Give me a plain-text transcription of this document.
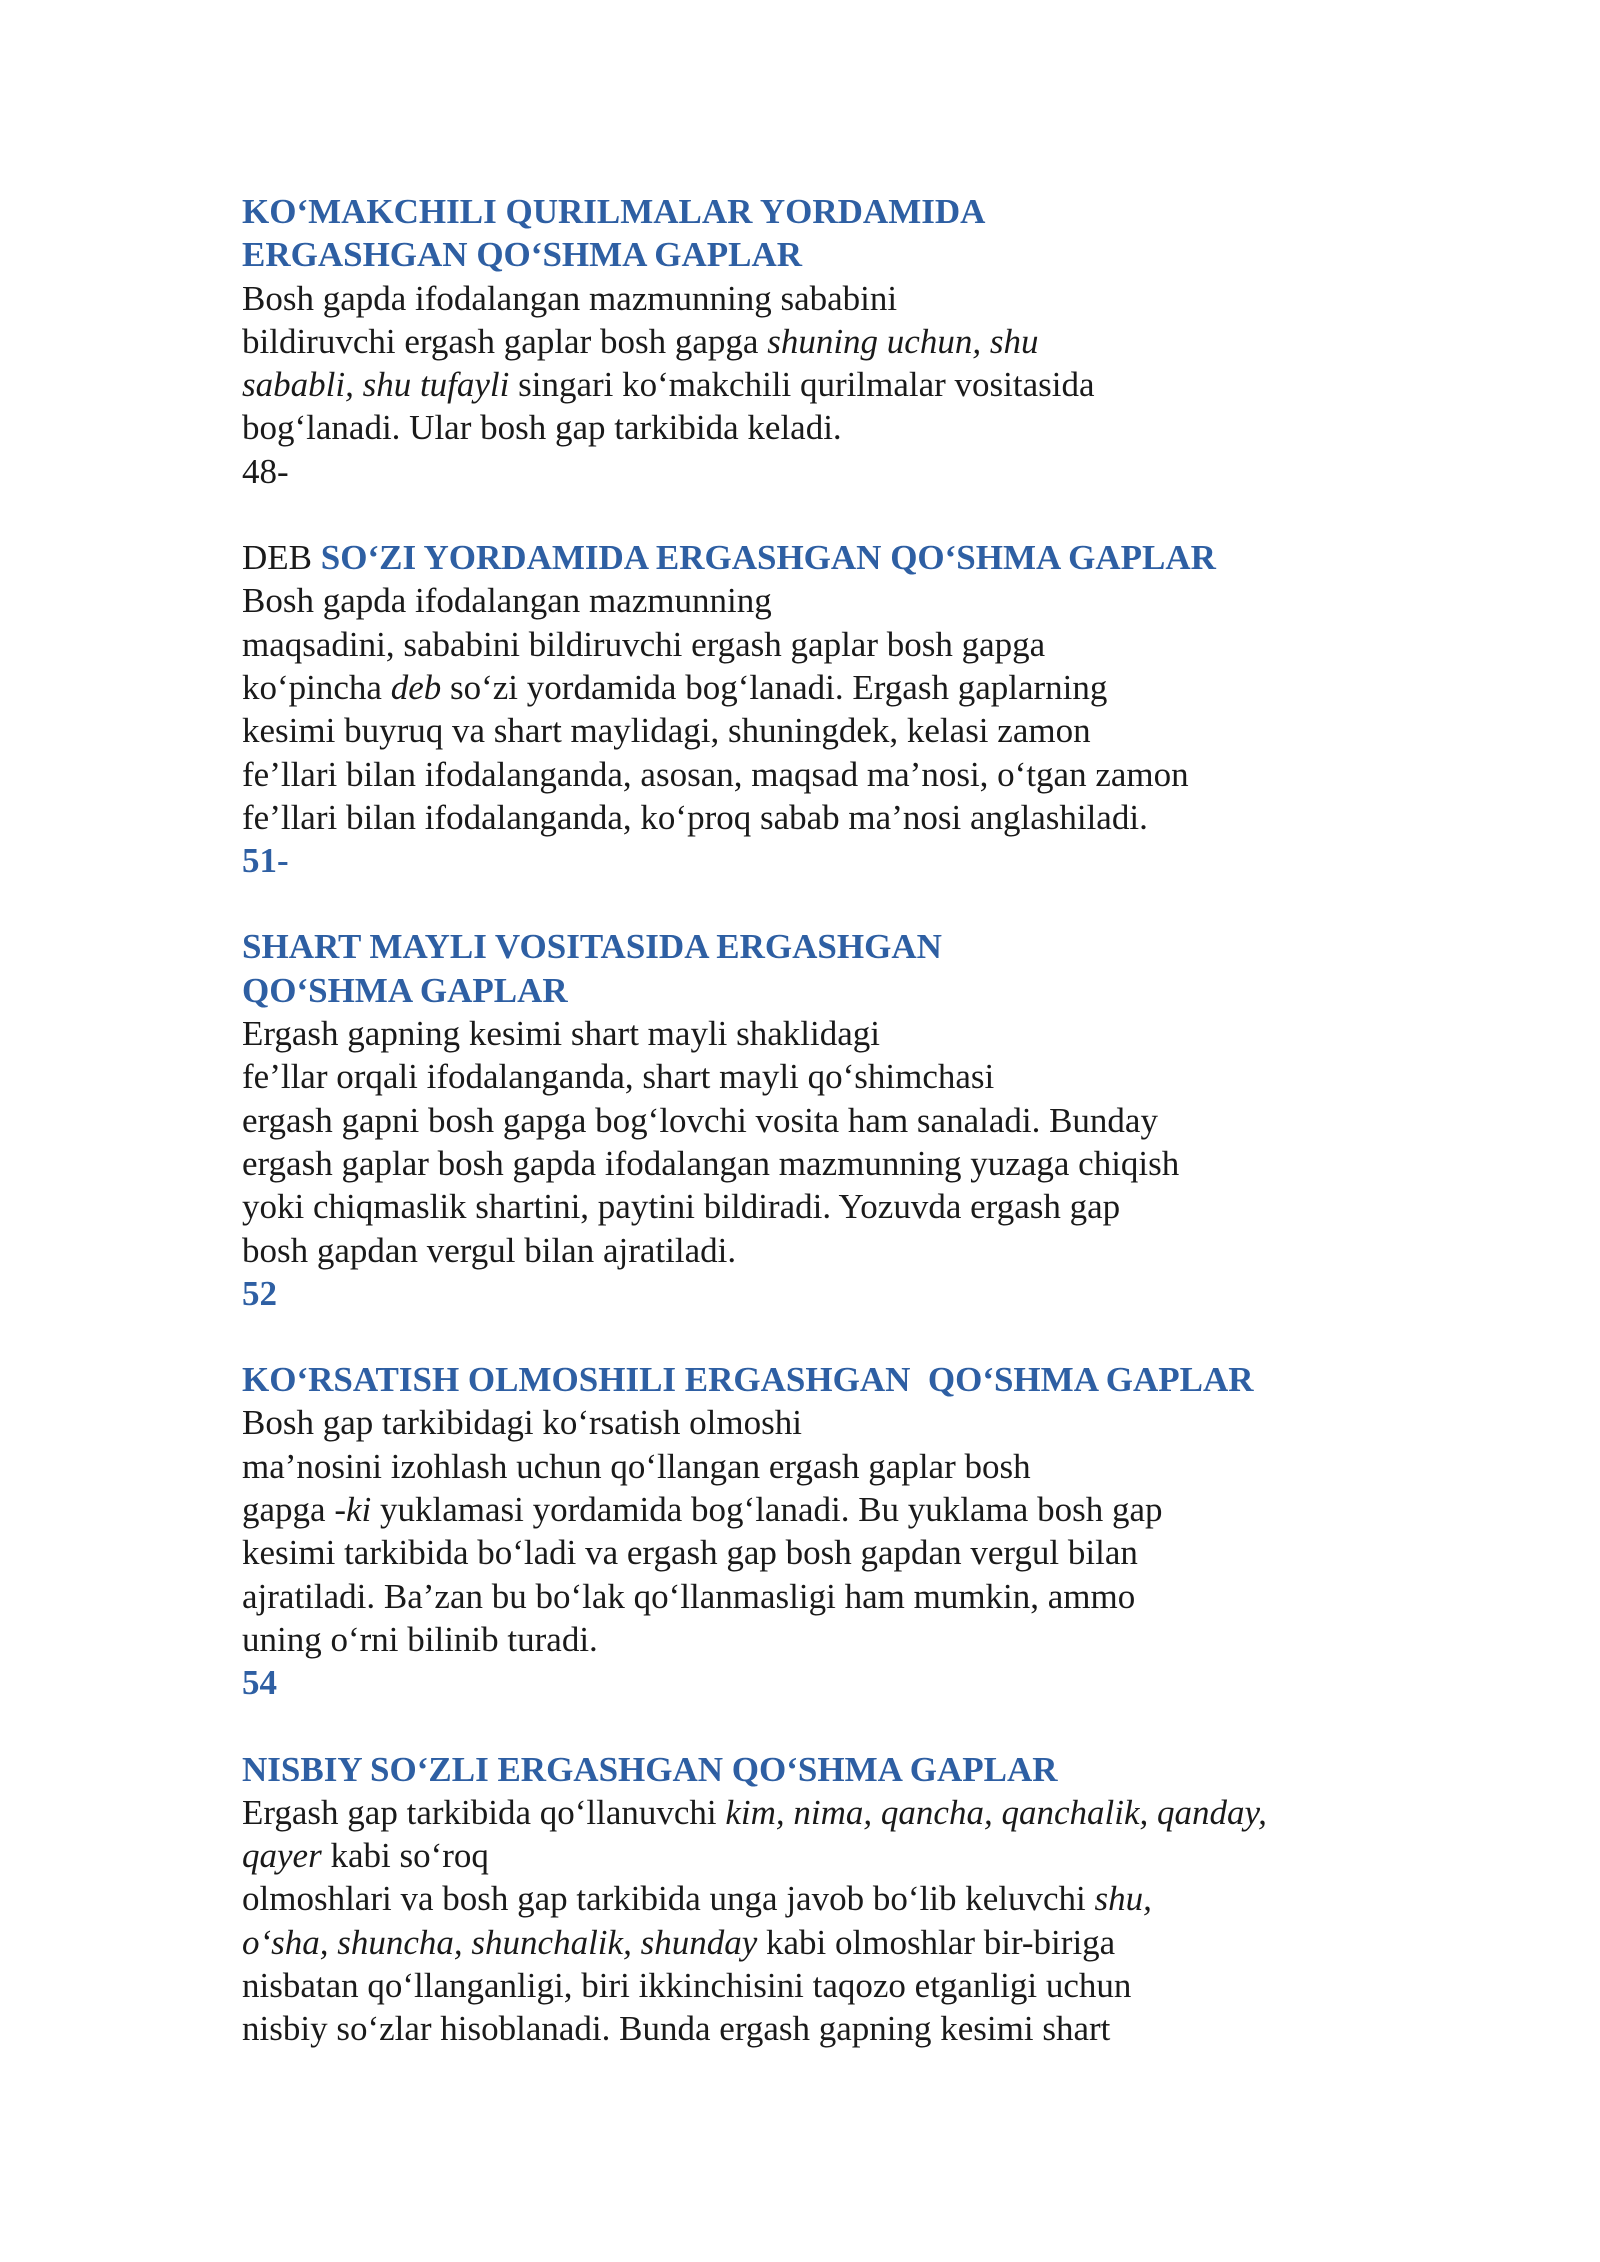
KO‘MAKCHILI QURILMALAR YORDAMIDA
ERGASHGAN QO‘SHMA GAPLAR
Bosh gapda ifodalangan mazmunning sababini
bildiruvchi ergash gaplar bosh gapga shuning uchun, shu
sababli, shu tufayli singari ko‘makchili qurilmalar vositasida
bog‘lanadi. Ular bosh gap tarkibida keladi.
48-
DEB SO‘ZI YORDAMIDA ERGASHGAN QO‘SHMA GAPLAR
Bosh gapda ifodalangan mazmunning
maqsadini, sababini bildiruvchi ergash gaplar bosh gapga
ko‘pincha deb so‘zi yordamida bog‘lanadi. Ergash gaplarning
kesimi buyruq va shart maylidagi, shuningdek, kelasi zamon
fe’llari bilan ifodalanganda, asosan, maqsad ma’nosi, o‘tgan zamon
fe’llari bilan ifodalanganda, ko‘proq sabab ma’nosi anglashiladi.
51-
SHART MAYLI VOSITASIDA ERGASHGAN
QO‘SHMA GAPLAR
Ergash gapning kesimi shart mayli shaklidagi
fe’llar orqali ifodalanganda, shart mayli qo‘shimchasi
ergash gapni bosh gapga bog‘lovchi vosita ham sanaladi. Bunday
ergash gaplar bosh gapda ifodalangan mazmunning yuzaga chiqish
yoki chiqmaslik shartini, paytini bildiradi. Yozuvda ergash gap
bosh gapdan vergul bilan ajratiladi.
52
KO‘RSATISH OLMOSHILI ERGASHGAN  QO‘SHMA GAPLAR
Bosh gap tarkibidagi ko‘rsatish olmoshi
ma’nosini izohlash uchun qo‘llangan ergash gaplar bosh
gapga -ki yuklamasi yordamida bog‘lanadi. Bu yuklama bosh gap
kesimi tarkibida bo‘ladi va ergash gap bosh gapdan vergul bilan
ajratiladi. Ba’zan bu bo‘lak qo‘llanmasligi ham mumkin, ammo
uning o‘rni bilinib turadi.
54
NISBIY SO‘ZLI ERGASHGAN QO‘SHMA GAPLAR
Ergash gap tarkibida qo‘llanuvchi kim, nima, qancha, qanchalik, qanday,
qayer kabi so‘roq
olmoshlari va bosh gap tarkibida unga javob bo‘lib keluvchi shu,
o‘sha, shuncha, shunchalik, shunday kabi olmoshlar bir-biriga
nisbatan qo‘llanganligi, biri ikkinchisini taqozo etganligi uchun
nisbiy so‘zlar hisoblanadi. Bunda ergash gapning kesimi shart
